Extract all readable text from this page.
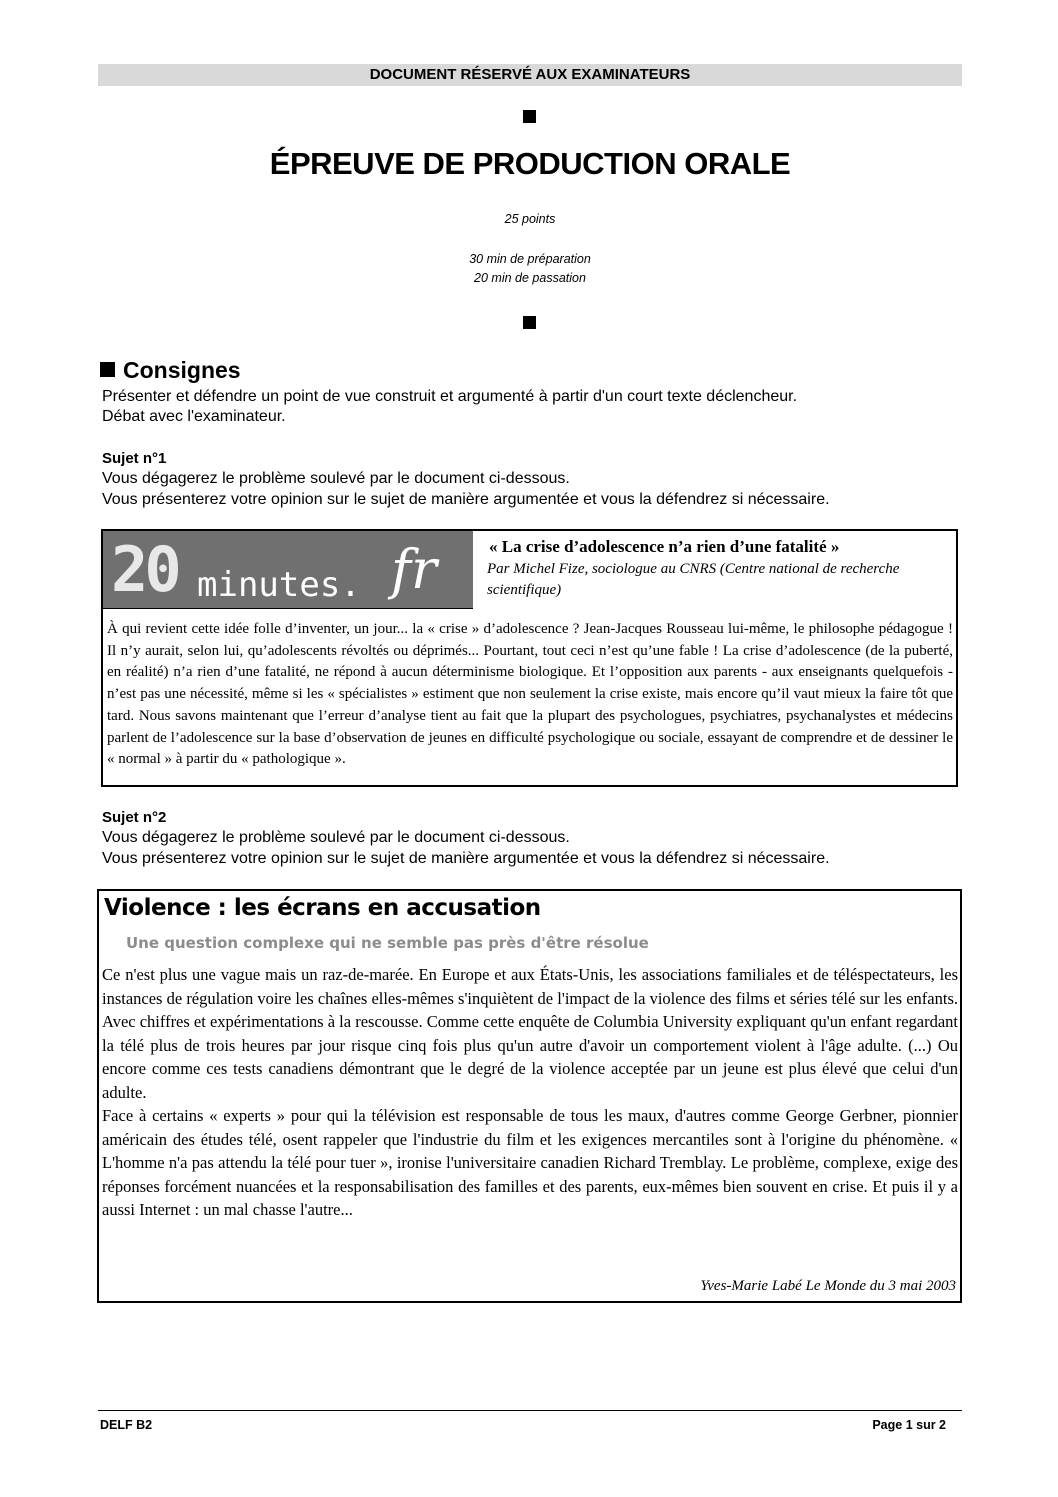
DOCUMENT RÉSERVÉ AUX EXAMINATEURS
ÉPREUVE DE PRODUCTION ORALE
25 points
30 min de préparation
20 min de passation
Consignes
Présenter et défendre un point de vue construit et argumenté à partir d'un court texte déclencheur.
Débat avec l'examinateur.
Sujet n°1
Vous dégagerez le problème soulevé par le document ci-dessous.
Vous présenterez votre opinion sur le sujet de manière argumentée et vous la défendrez si nécessaire.
20 minutes. fr	« La crise d’adolescence n’a rien d’une fatalité »
Par Michel Fize, sociologue au CNRS (Centre national de recherche scientifique)
À qui revient cette idée folle d’inventer, un jour... la « crise » d’adolescence ? Jean-Jacques Rousseau lui-même, le philosophe pédagogue ! Il n’y aurait, selon lui, qu’adolescents révoltés ou déprimés... Pourtant, tout ceci n’est qu’une fable ! La crise d’adolescence (de la puberté, en réalité) n’a rien d’une fatalité, ne répond à aucun déterminisme biologique. Et l’opposition aux parents - aux enseignants quelquefois - n’est pas une nécessité, même si les « spécialistes » estiment que non seulement la crise existe, mais encore qu’il vaut mieux la faire tôt que tard. Nous savons maintenant que l’erreur d’analyse tient au fait que la plupart des psychologues, psychiatres, psychanalystes et médecins parlent de l’adolescence sur la base d’observation de jeunes en difficulté psychologique ou sociale, essayant de comprendre et de dessiner le « normal » à partir du « pathologique ».
Sujet n°2
Vous dégagerez le problème soulevé par le document ci-dessous.
Vous présenterez votre opinion sur le sujet de manière argumentée et vous la défendrez si nécessaire.
Violence : les écrans en accusation
Une question complexe qui ne semble pas près d'être résolue
Ce n'est plus une vague mais un raz-de-marée. En Europe et aux États-Unis, les associations familiales et de téléspectateurs, les instances de régulation voire les chaînes elles-mêmes s'inquiètent de l'impact de la violence des films et séries télé sur les enfants. Avec chiffres et expérimentations à la rescousse. Comme cette enquête de Columbia University expliquant qu'un enfant regardant la télé plus de trois heures par jour risque cinq fois plus qu'un autre d'avoir un comportement violent à l'âge adulte. (...) Ou encore comme ces tests canadiens démontrant que le degré de la violence acceptée par un jeune est plus élevé que celui d'un adulte.
Face à certains « experts » pour qui la télévision est responsable de tous les maux, d'autres comme George Gerbner, pionnier américain des études télé, osent rappeler que l'industrie du film et les exigences mercantiles sont à l'origine du phénomène. « L'homme n'a pas attendu la télé pour tuer », ironise l'universitaire canadien Richard Tremblay. Le problème, complexe, exige des réponses forcément nuancées et la responsabilisation des familles et des parents, eux-mêmes bien souvent en crise. Et puis il y a aussi Internet : un mal chasse l'autre...
Yves-Marie Labé Le Monde du 3 mai 2003
DELF B2	Page 1 sur 2
